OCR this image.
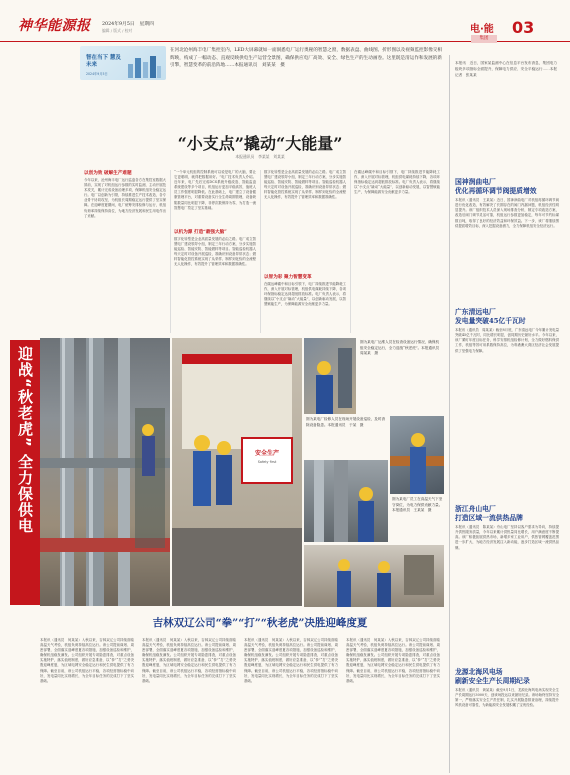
神华能源报 2024年9月5日　星期四
编辑 / 版式 / 校对	电·能
集团
03
智在当下 慧及未来
2024年9月5日
在河北沧州海丰电厂集控室内，LED大屏幕就如一面洞悉电厂运行奥秘的智慧之窗，数据表盘、曲线图、折形图以及视频监控影像交相辉映，构成了一幅动态、直观反映供电生产运营全景图，确保供应电厂高效、安全、绿色生产的生动画卷。这里既是清运作和发展的新引擎，智慧变革的前沿阵地……本报通讯员　刘某某　摄	本报讯　近日，国家某监测中心在信息平台发布消息，集团电力板块多项指标全面提升，保障电力供应、安全平稳运行……本报记者　张某某
“小支点”撬动“大能量”
本报通讯员　李某某　刘某某
以创为效 破解生产难题
今年以来，沧州海丰电厂运行监盘各方在集控室数据大屏前，实现了对机组运行参数的实时监测，主动开展技术攻关，累计完成设备治理多项，保障机组安全稳定运行。电厂以创新为引领，持续推进生产技术改造，各专业骨干协同攻坚，为机组长周期稳定运行提供了坚实保障。在迎峰度夏期间，电厂统筹安排检修与运行，机组负荷率持续保持高位，为地方经济发展和民生用电作出了贡献。
“一个单元机组的控制系统可以说是电厂的大脑，要让它更聪明，就得把数据用好。”电厂技术负责人介绍。近年来，电厂先后完成DCS系统升级改造、智能监盘系统建设等多个项目，机组运行更加平稳高效，值班人员工作强度明显降低。在此基础上，电厂建立了设备健康管理平台，对重要设备实行全生命周期管理，设备缺陷数量同比明显下降，非停次数保持为零，为打造一流智慧电厂奠定了坚实基础。
以机为源 打造“最强大脑”
数字化转型是企业高质量发展的必由之路。电厂成立智慧电厂建设领导小组，制定三年行动方案，分步实施智能巡检、智能安防、智能燃料等项目。智能巡检机器人每天定时对设备开展巡检，准确识别设备异常状态；燃料智能化管控系统实现了从采样、制样到化验的全流程无人化操作，有效提升了管理效率和数据准确性。
数字化转型是企业高质量发展的必由之路。电厂成立智慧电厂建设领导小组，制定三年行动方案，分步实施智能巡检、智能安防、智能燃料等项目。智能巡检机器人每天定时对设备开展巡检，准确识别设备异常状态；燃料智能化管控系统实现了从采样、制样到化验的全流程无人化操作，有效提升了管理效率和数据准确性。
以智为彩 聚力智慧变革
在碳达峰碳中和目标引领下，电厂持续推进节能降耗工作，深入开展对标管理，机组供电煤耗持续下降，各项环保指标稳定达到超低排放标准。电厂负责人表示，将继续以“小支点”撬动“大能量”，以创新驱动发展，以智慧赋能生产，为保障能源安全贡献更多力量。
在碳达峰碳中和目标引领下，电厂持续推进节能降耗工作，深入开展对标管理，机组供电煤耗持续下降，各项环保指标稳定达到超低排放标准。电厂负责人表示，将继续以“小支点”撬动“大能量”，以创新驱动发展，以智慧赋能生产，为保障能源安全贡献更多力量。
国神润曲电厂
优化再循环调节阀提质增效
本报讯（通讯员　王某某）近日，国神润曲电厂对机组再循环调节阀进行优化改造，有效解决了长期存在的阀门内漏问题，机组经济性明显提升。该厂组织技术人员深入现场排查分析，制定专项改造方案，改造后阀门调节灵活可靠，机组运行参数更加稳定，每年可节约标煤数百吨，取得了良好的经济效益和环保效益。下一步，该厂将继续围绕提质增效目标，深入挖掘设备潜力，全力保障机组安全经济运行。
广东清远电厂
发电量突破45亿千瓦时
本报讯（通讯员　周某某）截至8月底，广东清远电厂今年累计发电量突破45亿千瓦时，同比增长明显，创同期历史最好水平。今年以来，该厂紧盯年度目标任务，科学安排机组检修计划，全力做好燃料保供工作，机组等效可用系数保持高位，为粤港澳大湾区经济社会发展提供了坚强电力保障。
浙江舟山电厂
打造区域一流供热品牌
本报讯（通讯员　陈某某）舟山电厂坚持以客户需求为导向，持续提升供热服务质量，今年以来累计供热量同比增长，用户满意度不断提高。该厂积极拓展供热市场，新增多家工业用户，供热管网覆盖范围进一步扩大，为地方经济发展注入新动能，逐步打造区域一流供热品牌。
龙源北海风电场
刷新安全生产长周期纪录
本报讯（通讯员　黄某某）截至9月1日，龙源北海风电场实现安全生产长周期运行3000天，创该场投运以来最好纪录。该场始终坚持安全第一，严格落实安全生产责任制，扎实开展隐患排查治理，持续提升风机设备可靠性，为新能源安全发展积累了宝贵经验。
迎战“秋老虎” 全力保供电	安全生产
Safety first
图为某电厂运维人员在检查设备运行情况，确保机组安全稳定运行，全力迎战“秋老虎”。本报通讯员　周某某　摄
图为某电厂检修人员在现场开展设备巡检，及时消除设备隐患。本报通讯员　于某　摄
图为某电厂员工在高温天气下坚守岗位，为电力保供贡献力量。本报通讯员　王某某　摄
吉林双辽公司“拳”“打”“秋老虎”决胜迎峰度夏
本报讯（通讯员　何某某）入秋以来，吉林双辽公司持续面临高温天气考验，机组负荷持续高位运行。该公司提前谋划、周密部署，全面落实迎峰度夏各项措施，加强设备巡检和维护，确保机组稳发满发。公司组织开展专项隐患排查，对重点设备实施特护，落实值班制度，做好应急准备，以“拳”“打”之势决胜迎峰度夏，为区域电网安全稳定运行和民生供电提供了有力保障。截至目前，该公司机组运行平稳，各项经营指标稳中向好，发电量同比实现增长，为全年目标任务的完成打下了坚实基础。
本报讯（通讯员　何某某）入秋以来，吉林双辽公司持续面临高温天气考验，机组负荷持续高位运行。该公司提前谋划、周密部署，全面落实迎峰度夏各项措施，加强设备巡检和维护，确保机组稳发满发。公司组织开展专项隐患排查，对重点设备实施特护，落实值班制度，做好应急准备，以“拳”“打”之势决胜迎峰度夏，为区域电网安全稳定运行和民生供电提供了有力保障。截至目前，该公司机组运行平稳，各项经营指标稳中向好，发电量同比实现增长，为全年目标任务的完成打下了坚实基础。
本报讯（通讯员　何某某）入秋以来，吉林双辽公司持续面临高温天气考验，机组负荷持续高位运行。该公司提前谋划、周密部署，全面落实迎峰度夏各项措施，加强设备巡检和维护，确保机组稳发满发。公司组织开展专项隐患排查，对重点设备实施特护，落实值班制度，做好应急准备，以“拳”“打”之势决胜迎峰度夏，为区域电网安全稳定运行和民生供电提供了有力保障。截至目前，该公司机组运行平稳，各项经营指标稳中向好，发电量同比实现增长，为全年目标任务的完成打下了坚实基础。
本报讯（通讯员　何某某）入秋以来，吉林双辽公司持续面临高温天气考验，机组负荷持续高位运行。该公司提前谋划、周密部署，全面落实迎峰度夏各项措施，加强设备巡检和维护，确保机组稳发满发。公司组织开展专项隐患排查，对重点设备实施特护，落实值班制度，做好应急准备，以“拳”“打”之势决胜迎峰度夏，为区域电网安全稳定运行和民生供电提供了有力保障。截至目前，该公司机组运行平稳，各项经营指标稳中向好，发电量同比实现增长，为全年目标任务的完成打下了坚实基础。
